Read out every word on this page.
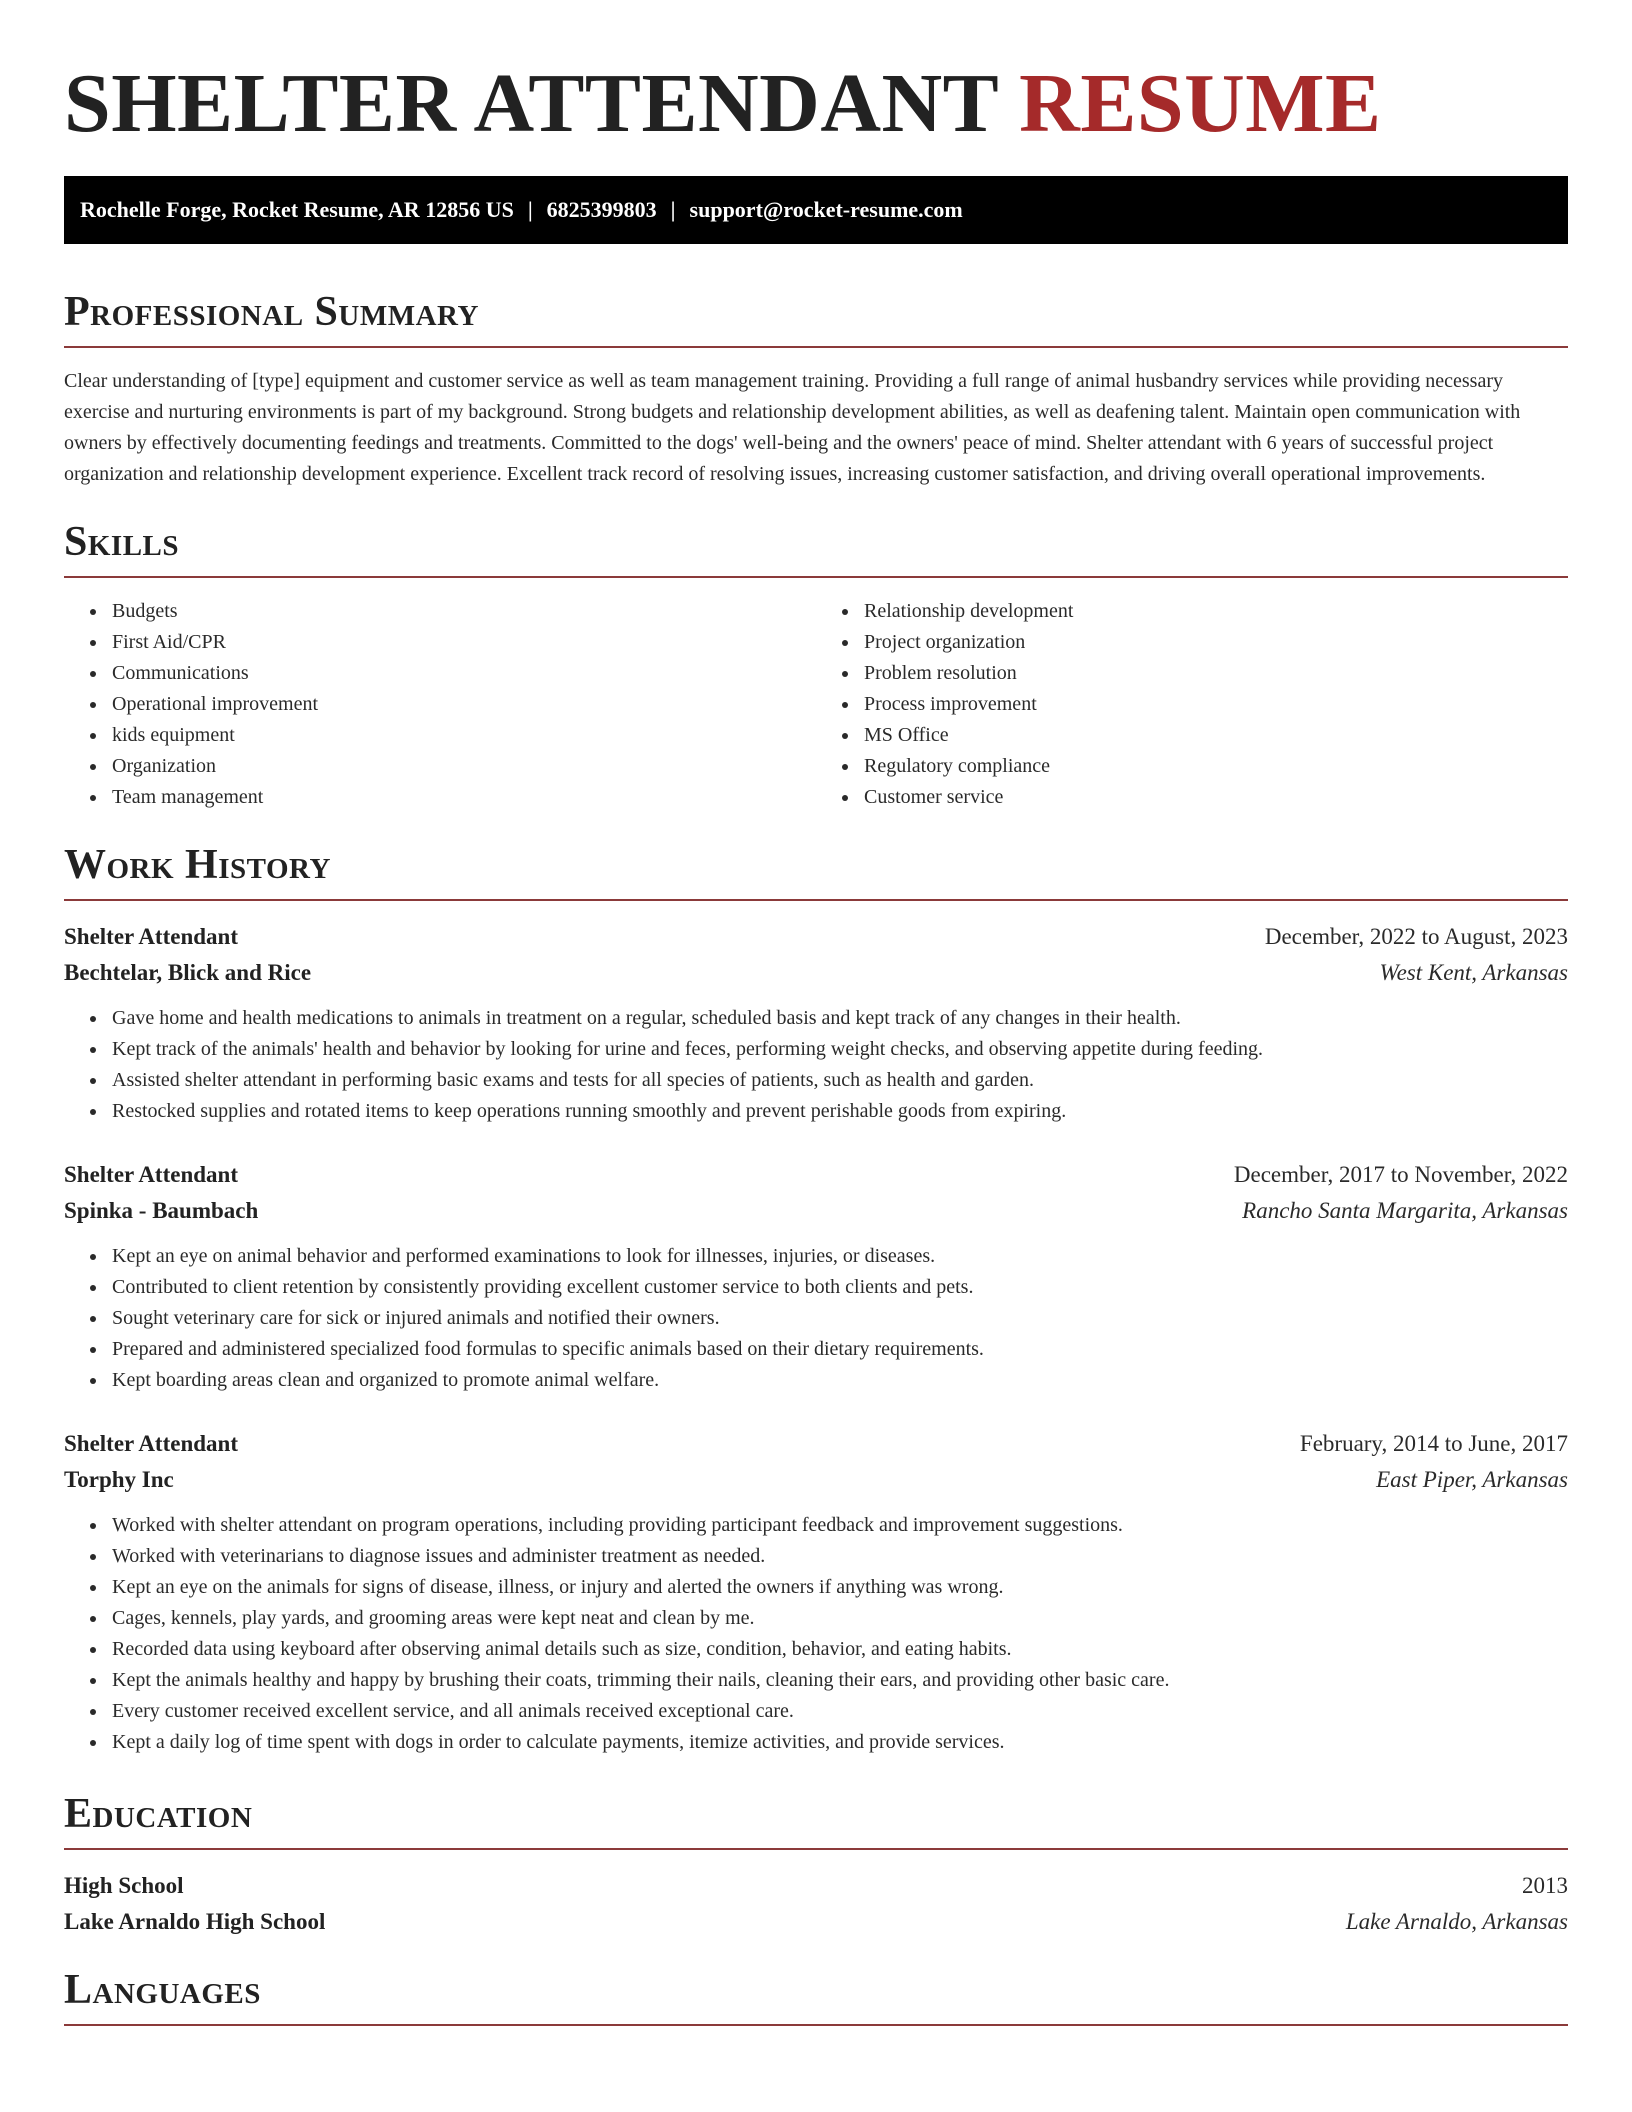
SHELTER ATTENDANT RESUME
Rochelle Forge, Rocket Resume, AR 12856 US | 6825399803 | support@rocket-resume.com
Professional Summary

Clear understanding of [type] equipment and customer service as well as team management training. Providing a full range of animal husbandry services while providing necessary exercise and nurturing environments is part of my background. Strong budgets and relationship development abilities, as well as deafening talent. Maintain open communication with owners by effectively documenting feedings and treatments. Committed to the dogs' well-being and the owners' peace of mind. Shelter attendant with 6 years of successful project organization and relationship development experience. Excellent track record of resolving issues, increasing customer satisfaction, and driving overall operational improvements.

Skills
• Budgets
• First Aid/CPR
• Communications
• Operational improvement
• kids equipment
• Organization
• Team management
• Relationship development
• Project organization
• Problem resolution
• Process improvement
• MS Office
• Regulatory compliance
• Customer service
Work History
Shelter Attendant	December, 2022 to August, 2023
Bechtelar, Blick and Rice	West Kent, Arkansas
• Gave home and health medications to animals in treatment on a regular, scheduled basis and kept track of any changes in their health.
• Kept track of the animals' health and behavior by looking for urine and feces, performing weight checks, and observing appetite during feeding.
• Assisted shelter attendant in performing basic exams and tests for all species of patients, such as health and garden.
• Restocked supplies and rotated items to keep operations running smoothly and prevent perishable goods from expiring.
Shelter Attendant	December, 2017 to November, 2022
Spinka - Baumbach	Rancho Santa Margarita, Arkansas
• Kept an eye on animal behavior and performed examinations to look for illnesses, injuries, or diseases.
• Contributed to client retention by consistently providing excellent customer service to both clients and pets.
• Sought veterinary care for sick or injured animals and notified their owners.
• Prepared and administered specialized food formulas to specific animals based on their dietary requirements.
• Kept boarding areas clean and organized to promote animal welfare.
Shelter Attendant	February, 2014 to June, 2017
Torphy Inc	East Piper, Arkansas
• Worked with shelter attendant on program operations, including providing participant feedback and improvement suggestions.
• Worked with veterinarians to diagnose issues and administer treatment as needed.
• Kept an eye on the animals for signs of disease, illness, or injury and alerted the owners if anything was wrong.
• Cages, kennels, play yards, and grooming areas were kept neat and clean by me.
• Recorded data using keyboard after observing animal details such as size, condition, behavior, and eating habits.
• Kept the animals healthy and happy by brushing their coats, trimming their nails, cleaning their ears, and providing other basic care.
• Every customer received excellent service, and all animals received exceptional care.
• Kept a daily log of time spent with dogs in order to calculate payments, itemize activities, and provide services.
Education
High School	2013
Lake Arnaldo High School	Lake Arnaldo, Arkansas
Languages
